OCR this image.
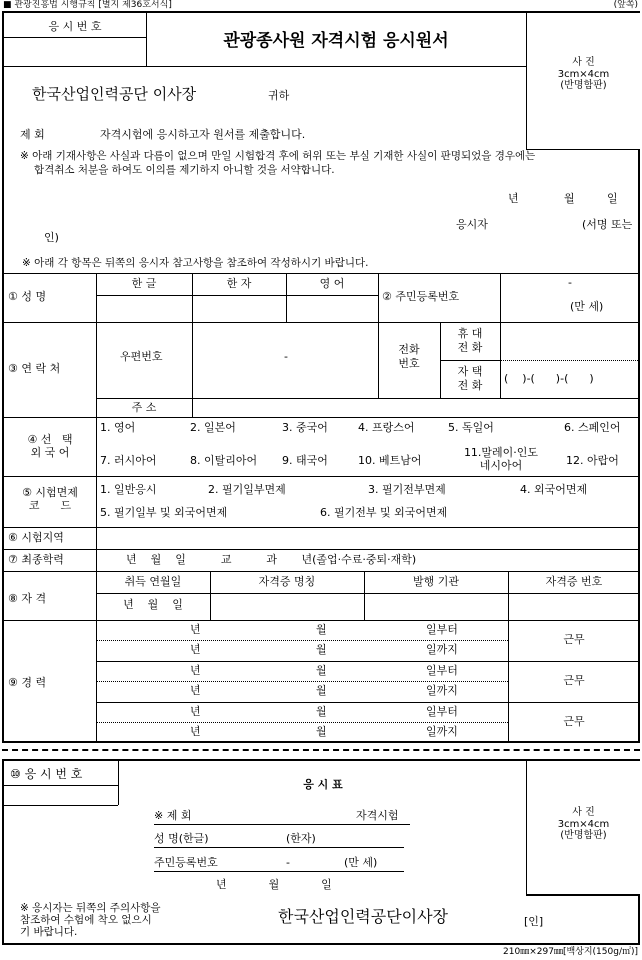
■ 관광진흥법 시행규칙 [별지 제36호서식]	(앞쪽)
응 시 번 호
관광종사원 자격시험 응시원서
사 진
3cm×4cm
(반명함판)
한국산업인력공단 이사장	귀하
제 회	자격시험에 응시하고자 원서를 제출합니다.
※ 아래 기재사항은 사실과 다름이 없으며 만일 시험합격 후에 허위 또는 부실 기재한 사실이 판명되었을 경우에는
합격취소 처분을 하여도 이의를 제기하지 아니할 것을 서약합니다.
년	월	일
응시자	(서명 또는
인)
※ 아래 각 항목은 뒤쪽의 응시자 참고사항을 참조하여 작성하시기 바랍니다.
① 성 명
한 글	한 자	영 어
② 주민등록번호
-
(만 세)
③ 연 락 처
우편번호	-
전화
번호
휴 대
전 화
자 택
전 화
(    )-(      )-(      )
주 소
④ 선   택
외 국 어
1. 영어	2. 일본어	3. 중국어	4. 프랑스어	5. 독일어	6. 스페인어
7. 러시아어	8. 이탈리아어 9. 태국어	10. 베트남어
11.말레이·인도
네시아어	12. 아랍어
⑤ 시험면제
코      드
1. 일반응시	2. 필기일부면제	3. 필기전부면제	4. 외국어면제
5. 필기일부 및 외국어면제	6. 필기전부 및 외국어면제
⑥ 시험지역
⑦ 최종학력	년    월    일          교          과       년(졸업·수료·중퇴·재학)
⑧ 자 격
취득 연월일	자격증 명칭	발행 기관	자격증 번호
년    월    일
⑨ 경 력
년	월	일부터
년	월	일까지
근무
년	월	일부터
년	월	일까지
근무
년	월	일부터
년	월	일까지
근무
⑩ 응 시 번 호
응 시 표
사 진
3cm×4cm
(반명함판)
※ 제 회	자격시험
성 명(한글)	(한자)
주민등록번호	-	(만 세)
년            월            일
※ 응시자는 뒤쪽의 주의사항을
참조하여 수험에 착오 없으시
기 바랍니다.
한국산업인력공단이사장	[인]
210㎜×297㎜[백상지(150g/㎡)]
